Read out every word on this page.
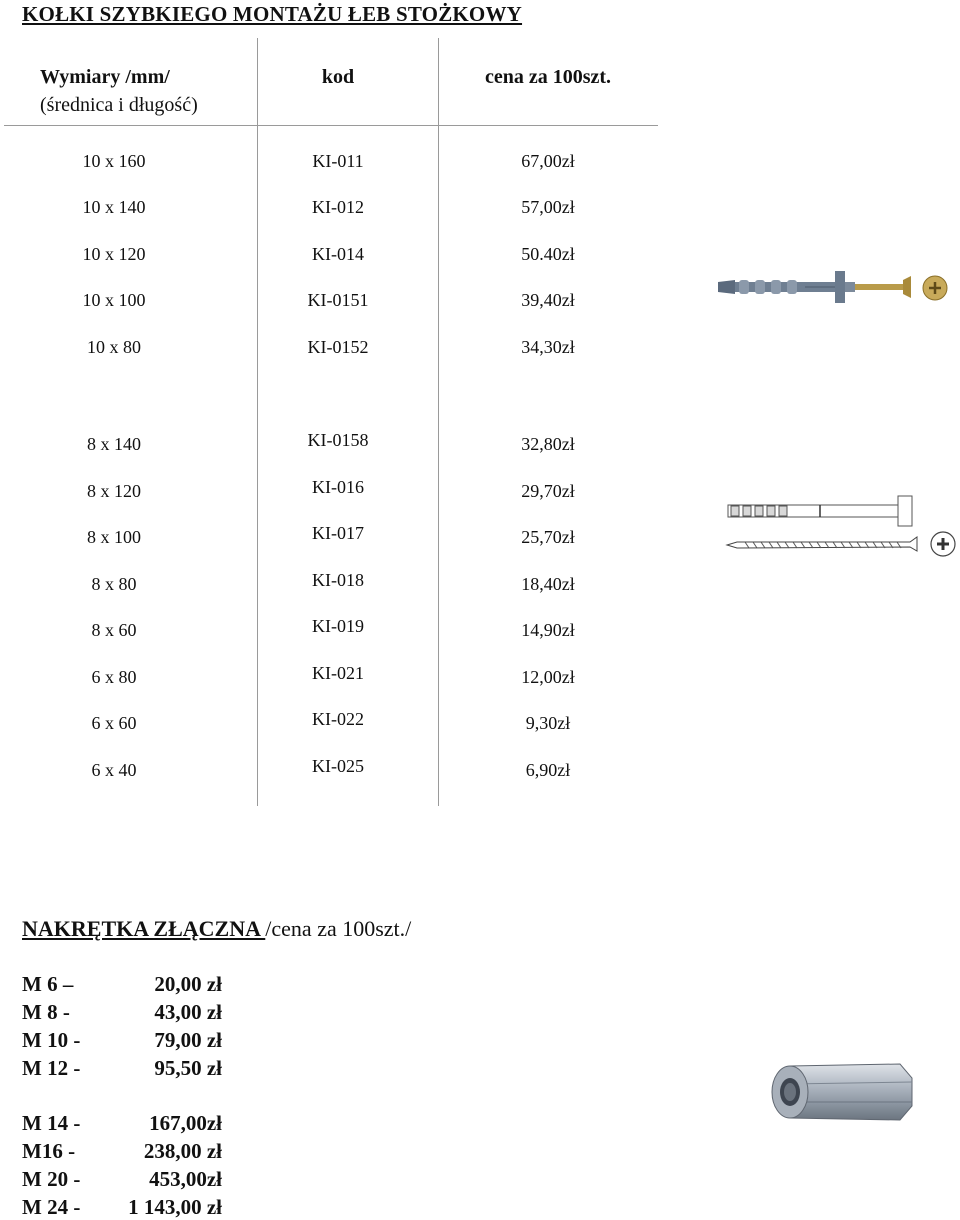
KOŁKI SZYBKIEGO MONTAŻU ŁEB STOŻKOWY
Wymiary /mm/
(średnica i długość)
kod	cena za 100szt.
10 x 160	KI-011	67,00zł
10 x 140	KI-012	57,00zł
10 x 120	KI-014	50.40zł
10 x 100	KI-0151	39,40zł
10 x 80	KI-0152	34,30zł
8 x 140	KI-0158	32,80zł
8 x 120	KI-016	29,70zł
8 x 100	KI-017	25,70zł
8 x 80	KI-018	18,40zł
8 x 60	KI-019	14,90zł
6 x 80	KI-021	12,00zł
6 x 60	KI-022	9,30zł
6 x 40	KI-025	6,90zł
NAKRĘTKA ZŁĄCZNA /cena za 100szt./
M 6 –	20,00 zł
M 8 -	43,00 zł
M 10 -	79,00 zł
M 12 -	95,50 zł
M 14 -	167,00zł
M16 -	238,00 zł
M 20 -	453,00zł
M 24 - 1 143,00 zł
